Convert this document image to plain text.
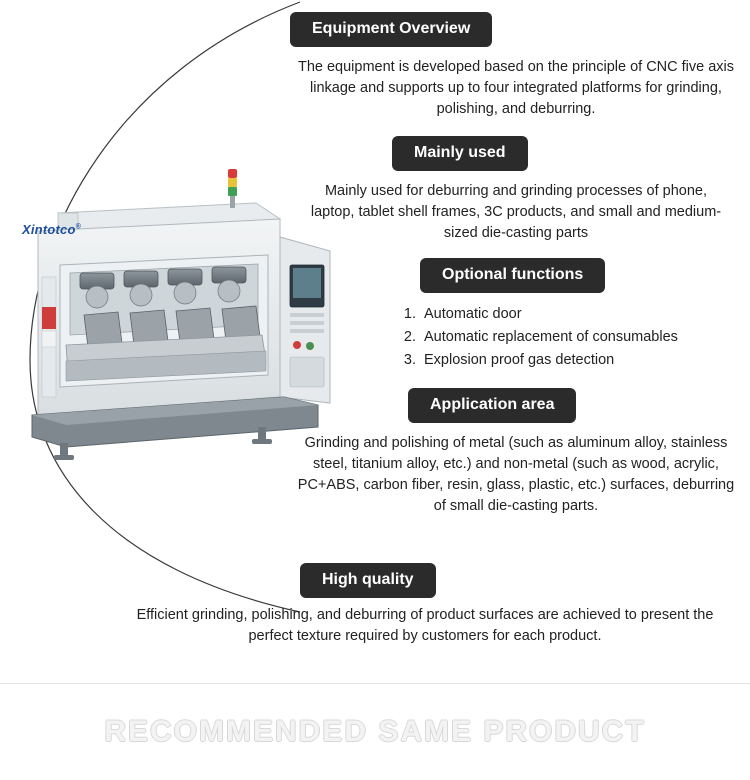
Xintotco®
Equipment Overview

The equipment is developed based on the principle of CNC five axis linkage and supports up to four integrated platforms for grinding, polishing, and deburring.

Mainly used

Mainly used for deburring and grinding processes of phone, laptop, tablet shell frames, 3C products, and small and medium-sized die-casting parts

Optional functions
1. Automatic door
2. Automatic replacement of consumables
3. Explosion proof gas detection
Application area

Grinding and polishing of metal (such as aluminum alloy, stainless steel, titanium alloy, etc.) and non-metal (such as wood, acrylic, PC+ABS, carbon fiber, resin, glass, plastic, etc.) surfaces, deburring of small die-casting parts.

High quality
Efficient grinding, polishing, and deburring of product surfaces are achieved to present the perfect texture required by customers for each product.
RECOMMENDED SAME PRODUCT
